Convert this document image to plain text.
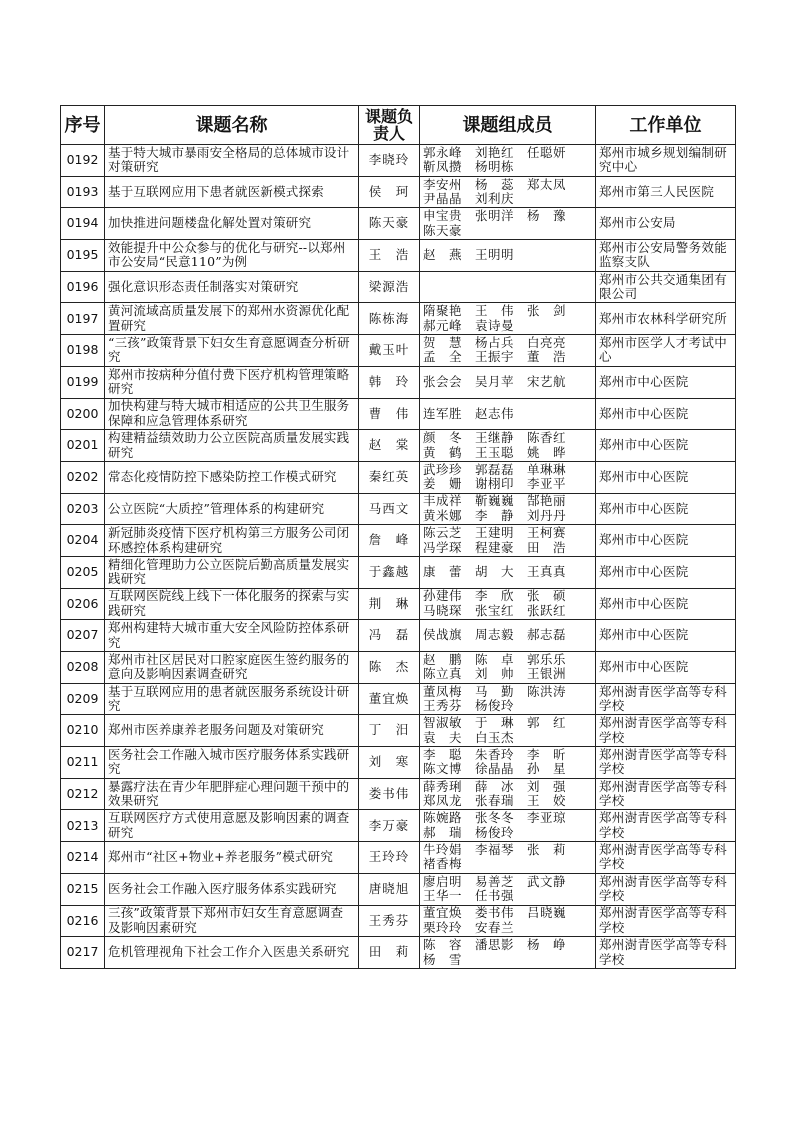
序号	课题名称	课题负责人	课题组成员	工作单位
0192	基于特大城市暴雨安全格局的总体城市设计对策研究	李晓玲	郭永峰　刘艳红　任聪妍
靳凤攒　杨明栋	郑州市城乡规划编制研究中心
0193	基于互联网应用下患者就医新模式探索	侯　珂	李安州　杨　蕊　郑太凤
尹晶晶　刘利庆	郑州市第三人民医院
0194	加快推进问题楼盘化解处置对策研究	陈天豪	申宝贵　张明洋　杨　豫
陈天豪	郑州市公安局
0195	效能提升中公众参与的优化与研究--以郑州市公安局“民意110”为例	王　浩	赵　燕　王明明	郑州市公安局警务效能监察支队
0196	强化意识形态责任制落实对策研究	梁源浩		郑州市公共交通集团有限公司
0197	黄河流域高质量发展下的郑州水资源优化配置研究	陈栋海	隋聚艳　王　伟　张　剑
郝元峰　袁诗曼	郑州市农林科学研究所
0198	“三孩”政策背景下妇女生育意愿调查分析研究	戴玉叶	贺　慧　杨占兵　白亮亮
孟　全　王振宇　董　浩	郑州市医学人才考试中心
0199	郑州市按病种分值付费下医疗机构管理策略研究	韩　玲	张会会　吴月苹　宋艺航	郑州市中心医院
0200	加快构建与特大城市相适应的公共卫生服务保障和应急管理体系研究	曹　伟	连军胜　赵志伟	郑州市中心医院
0201	构建精益绩效助力公立医院高质量发展实践研究	赵　棠	颜　冬　王继静　陈香红
黄　鹤　王玉聪　姚　晔	郑州市中心医院
0202	常态化疫情防控下感染防控工作模式研究	秦红英	武珍珍　郭磊磊　单琳琳
姜　姗　谢栩印　李亚平	郑州市中心医院
0203	公立医院“大质控”管理体系的构建研究	马西文	丰成祥　靳巍巍　郜艳丽
黄米娜　李　静　刘丹丹	郑州市中心医院
0204	新冠肺炎疫情下医疗机构第三方服务公司闭环感控体系构建研究	詹　峰	陈云芝　王建明　王柯赛
冯学琛　程建豪　田　浩	郑州市中心医院
0205	精细化管理助力公立医院后勤高质量发展实践研究	于鑫越	康　蕾　胡　大　王真真	郑州市中心医院
0206	互联网医院线上线下一体化服务的探索与实践研究	荆　琳	孙建伟　李　欣　张　硕
马晓琛　张宝红　张跃红	郑州市中心医院
0207	郑州构建特大城市重大安全风险防控体系研究	冯　磊	侯战旗　周志毅　郝志磊	郑州市中心医院
0208	郑州市社区居民对口腔家庭医生签约服务的意向及影响因素调查研究	陈　杰	赵　鹏　陈　卓　郭乐乐
陈立真　刘　帅　王银洲	郑州市中心医院
0209	基于互联网应用的患者就医服务系统设计研究	董宜焕	董凤梅　马　勤　陈洪涛
王秀芬　杨俊玲	郑州澍青医学高等专科学校
0210	郑州市医养康养老服务问题及对策研究	丁　汨	智淑敏　于　琳　郭　红
袁　夫　白玉杰	郑州澍青医学高等专科学校
0211	医务社会工作融入城市医疗服务体系实践研究	刘　寒	李　聪　朱香玲　李　昕
陈文博　徐晶晶　孙　星	郑州澍青医学高等专科学校
0212	暴露疗法在青少年肥胖症心理问题干预中的效果研究	娄书伟	薛秀琍　薛　冰　刘　强
郑凤龙　张春瑞　王　姣	郑州澍青医学高等专科学校
0213	互联网医疗方式使用意愿及影响因素的调查研究	李万豪	陈婉路　张冬冬　李亚琼
郝　瑞　杨俊玲	郑州澍青医学高等专科学校
0214	郑州市“社区+物业+养老服务”模式研究	王玲玲	牛玲娟　李福琴　张　莉
褚香梅	郑州澍青医学高等专科学校
0215	医务社会工作融入医疗服务体系实践研究	唐晓旭	廖启明　易善芝　武文静
王华一　任书强	郑州澍青医学高等专科学校
0216	三孩”政策背景下郑州市妇女生育意愿调查及影响因素研究	王秀芬	董宜焕　娄书伟　吕晓巍
栗玲玲　安春兰	郑州澍青医学高等专科学校
0217	危机管理视角下社会工作介入医患关系研究	田　莉	陈　容　潘思影　杨　峥
杨　雪	郑州澍青医学高等专科学校
